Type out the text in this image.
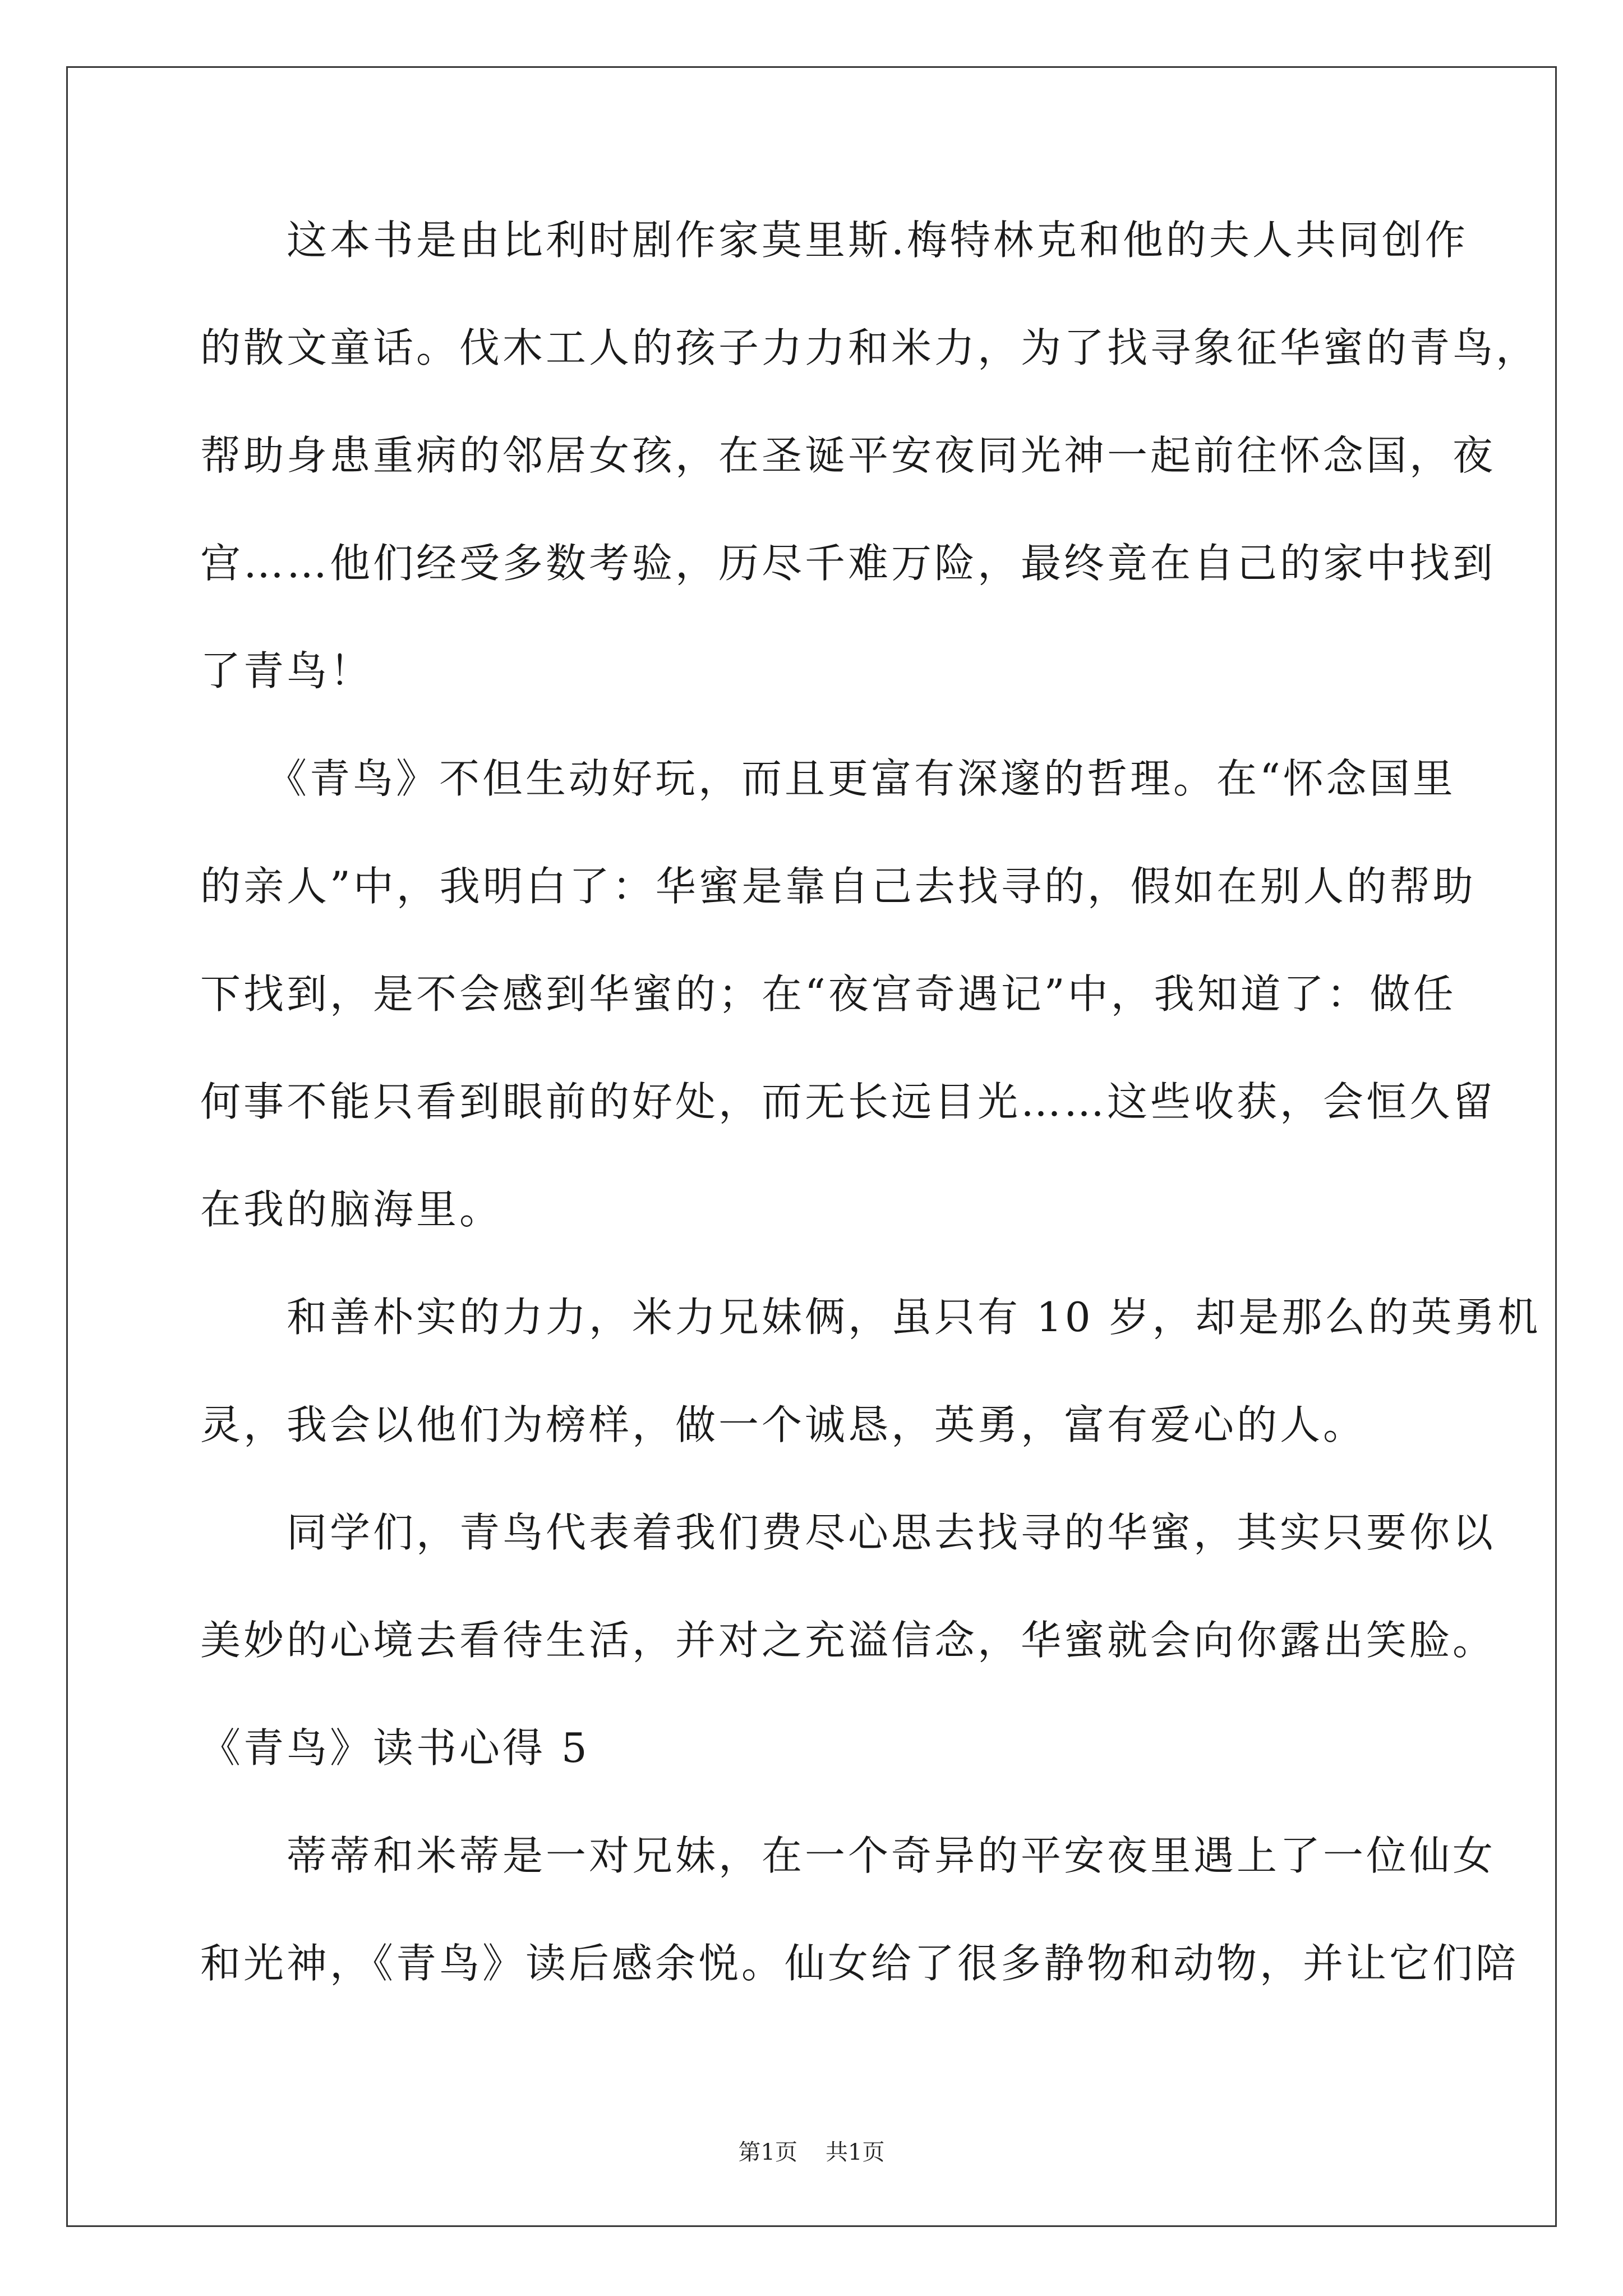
　　这本书是由比利时剧作家莫里斯.梅特林克和他的夫人共同创作
的散文童话。伐木工人的孩子力力和米力，为了找寻象征华蜜的青鸟，
帮助身患重病的邻居女孩，在圣诞平安夜同光神一起前往怀念国，夜
宫……他们经受多数考验，历尽千难万险，最终竟在自己的家中找到
了青鸟！
　　《青鸟》不但生动好玩，而且更富有深邃的哲理。在“怀念国里
的亲人”中，我明白了：华蜜是靠自己去找寻的，假如在别人的帮助
下找到，是不会感到华蜜的；在“夜宫奇遇记”中，我知道了：做任
何事不能只看到眼前的好处，而无长远目光……这些收获，会恒久留
在我的脑海里。
　　和善朴实的力力，米力兄妹俩，虽只有 10 岁，却是那么的英勇机
灵，我会以他们为榜样，做一个诚恳，英勇，富有爱心的人。
　　同学们，青鸟代表着我们费尽心思去找寻的华蜜，其实只要你以
美妙的心境去看待生活，并对之充溢信念，华蜜就会向你露出笑脸。
《青鸟》读书心得 5
　　蒂蒂和米蒂是一对兄妹，在一个奇异的平安夜里遇上了一位仙女
和光神，《青鸟》读后感余悦。仙女给了很多静物和动物，并让它们陪
第1页 共1页
